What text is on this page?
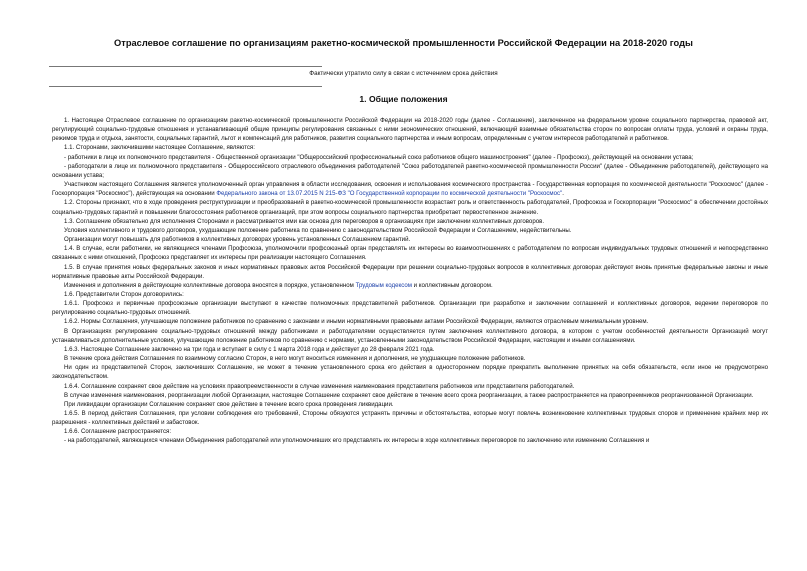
Отраслевое соглашение по организациям ракетно-космической промышленности Российской Федерации на 2018-2020 годы
Фактически утратило силу в связи с истечением срока действия
1. Общие положения

1. Настоящее Отраслевое соглашение по организациям ракетно-космической промышленности Российской Федерации на 2018-2020 годы (далее - Соглашение), заключенное на федеральном уровне социального партнерства, правовой акт, регулирующий социально-трудовые отношения и устанавливающий общие принципы регулирования связанных с ними экономических отношений, включающий взаимные обязательства сторон по вопросам оплаты труда, условий и охраны труда, режимов труда и отдыха, занятости, социальных гарантий, льгот и компенсаций для работников, развития социального партнерства и иным вопросам, определенным с учетом интересов работодателей и работников.

1.1. Сторонами, заключившими настоящее Соглашение, являются:

- работники в лице их полномочного представителя - Общественной организации "Общероссийский профессиональный союз работников общего машиностроения" (далее - Профсоюз), действующей на основании устава;

- работодатели в лице их полномочного представителя - Общероссийского отраслевого объединения работодателей "Союз работодателей ракетно-космической промышленности России" (далее - Объединение работодателей), действующего на основании устава;

Участником настоящего Соглашения является уполномоченный орган управления в области исследования, освоения и использования космического пространства - Государственная корпорация по космической деятельности "Роскосмос" (далее - Госкорпорация "Роскосмос"), действующая на основании Федерального закона от 13.07.2015 N 215-ФЗ "О Государственной корпорации по космической деятельности "Роскосмос".

1.2. Стороны признают, что в ходе проведения реструктуризации и преобразований в ракетно-космической промышленности возрастает роль и ответственность работодателей, Профсоюза и Госкорпорации "Роскосмос" в обеспечении достойных социально-трудовых гарантий и повышении благосостояния работников организаций, при этом вопросы социального партнерства приобретает первостепенное значение.

1.3. Соглашение обязательно для исполнения Сторонами и рассматривается ими как основа для переговоров в организациях при заключении коллективных договоров.

Условия коллективного и трудового договоров, ухудшающие положение работника по сравнению с законодательством Российской Федерации и Соглашением, недействительны.

Организации могут повышать для работников в коллективных договорах уровень установленных Соглашением гарантий.

1.4. В случае, если работники, не являющиеся членами Профсоюза, уполномочили профсоюзный орган представлять их интересы во взаимоотношениях с работодателем по вопросам индивидуальных трудовых отношений и непосредственно связанных с ними отношений, Профсоюз представляет их интересы при реализации настоящего Соглашения.

1.5. В случае принятия новых федеральных законов и иных нормативных правовых актов Российской Федерации при решении социально-трудовых вопросов в коллективных договорах действуют вновь принятые федеральные законы и иные нормативные правовые акты Российской Федерации.

Изменения и дополнения в действующие коллективные договора вносятся в порядке, установленном Трудовым кодексом и коллективным договором.

1.6. Представители Сторон договорились:

1.6.1. Профсоюз и первичные профсоюзные организации выступают в качестве полномочных представителей работников. Организации при разработке и заключении соглашений и коллективных договоров, ведении переговоров по регулированию социально-трудовых отношений.

1.6.2. Нормы Соглашения, улучшающие положение работников по сравнению с законами и иными нормативными правовыми актами Российской Федерации, являются отраслевым минимальным уровнем.

В Организациях регулирование социально-трудовых отношений между работниками и работодателями осуществляется путем заключения коллективного договора, в котором с учетом особенностей деятельности Организаций могут устанавливаться дополнительные условия, улучшающие положение работников по сравнению с нормами, установленными законодательством Российской Федерации, настоящим и иными соглашениями.

1.6.3. Настоящее Соглашение заключено на три года и вступает в силу с 1 марта 2018 года и действует до 28 февраля 2021 года.

В течение срока действия Соглашения по взаимному согласию Сторон, в него могут вноситься изменения и дополнения, не ухудшающие положение работников.

Ни один из представителей Сторон, заключивших Соглашение, не может в течение установленного срока его действия в одностороннем порядке прекратить выполнение принятых на себя обязательств, если иное не предусмотрено законодательством.

1.6.4. Соглашение сохраняет свое действие на условиях правопреемственности в случае изменения наименования представителя работников или представителя работодателей.

В случае изменения наименования, реорганизации любой Организации, настоящее Соглашение сохраняет свое действие в течение всего срока реорганизации, а также распространяется на правопреемников реорганизованной Организации.

При ликвидации организации Соглашение сохраняет свое действие в течение всего срока проведения ликвидации.

1.6.5. В период действия Соглашения, при условии соблюдения его требований, Стороны обязуются устранять причины и обстоятельства, которые могут повлечь возникновение коллективных трудовых споров и применение крайних мер их разрешения - коллективных действий и забастовок.

1.6.6. Соглашение распространяется:

- на работодателей, являющихся членами Объединения работодателей или уполномочивших его представлять их интересы в ходе коллективных переговоров по заключению или изменению Соглашения и
